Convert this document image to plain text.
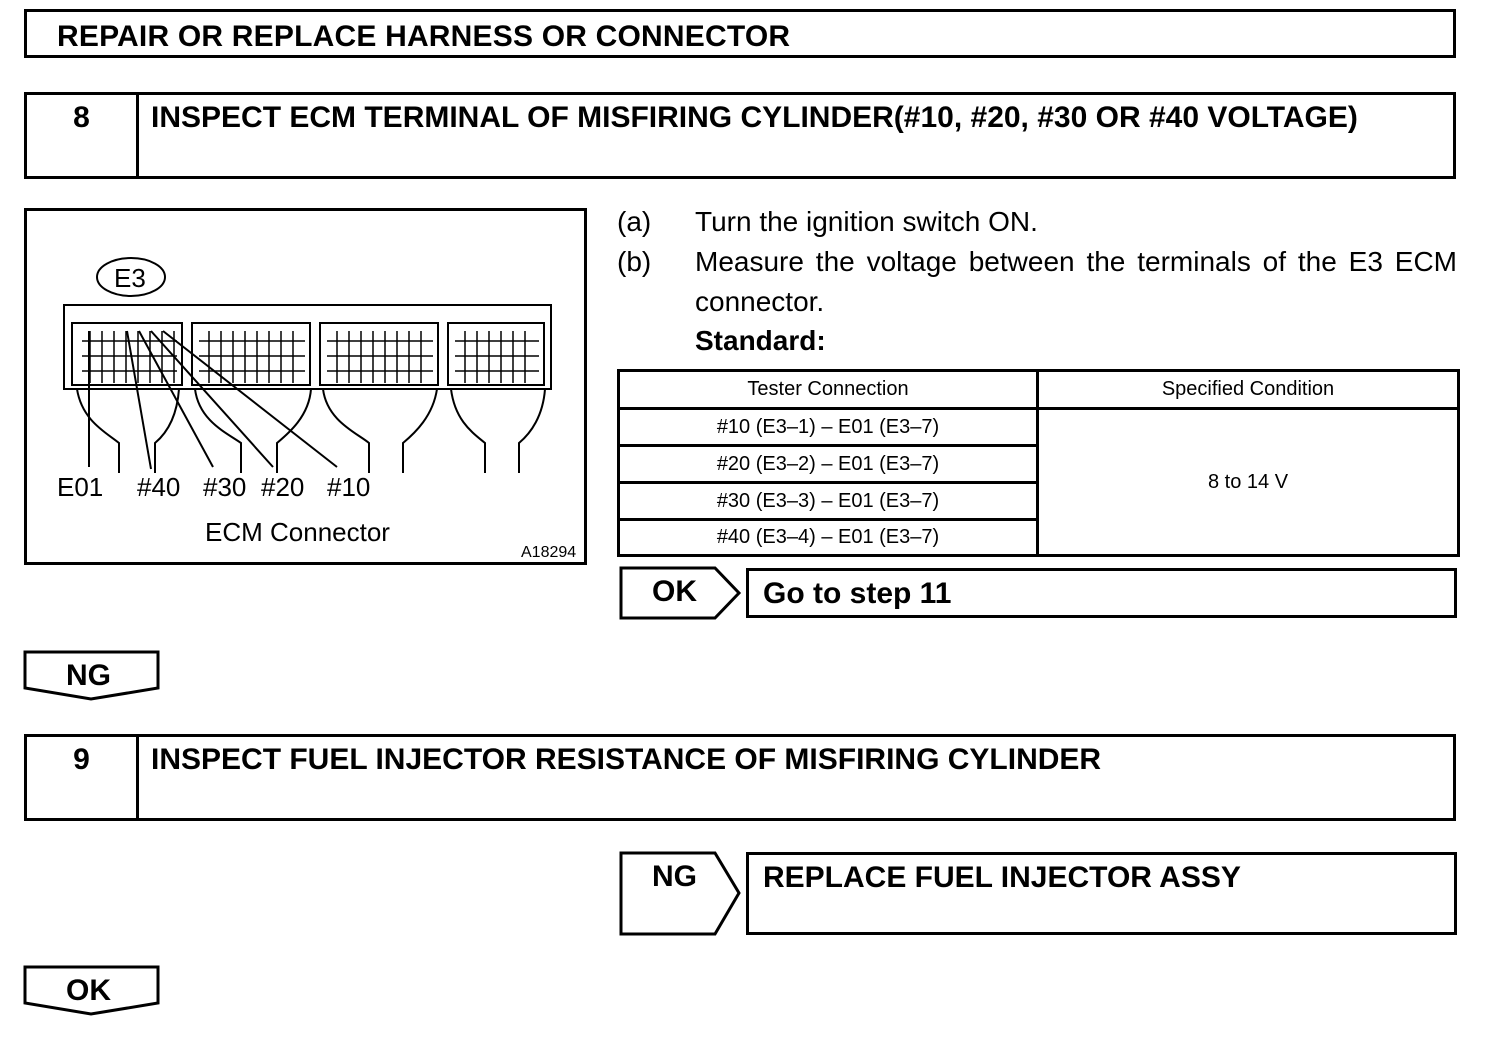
REPAIR OR REPLACE HARNESS OR CONNECTOR
8	INSPECT ECM TERMINAL OF MISFIRING CYLINDER(#10, #20, #30 OR #40 VOLTAGE)
E3
E01 #40 #30 #20 #10
ECM Connector
A18294
(a) Turn the ignition switch ON.
(b) Measure the voltage between the terminals of the E3 ECM connector.
Standard:
Tester Connection	Specified Condition
#10 (E3–1) – E01 (E3–7)	8 to 14 V
#20 (E3–2) – E01 (E3–7)	
#30 (E3–3) – E01 (E3–7)	
#40 (E3–4) – E01 (E3–7)	
OK Go to step 11
NG
9	INSPECT FUEL INJECTOR RESISTANCE OF MISFIRING CYLINDER
NG REPLACE FUEL INJECTOR ASSY
OK
